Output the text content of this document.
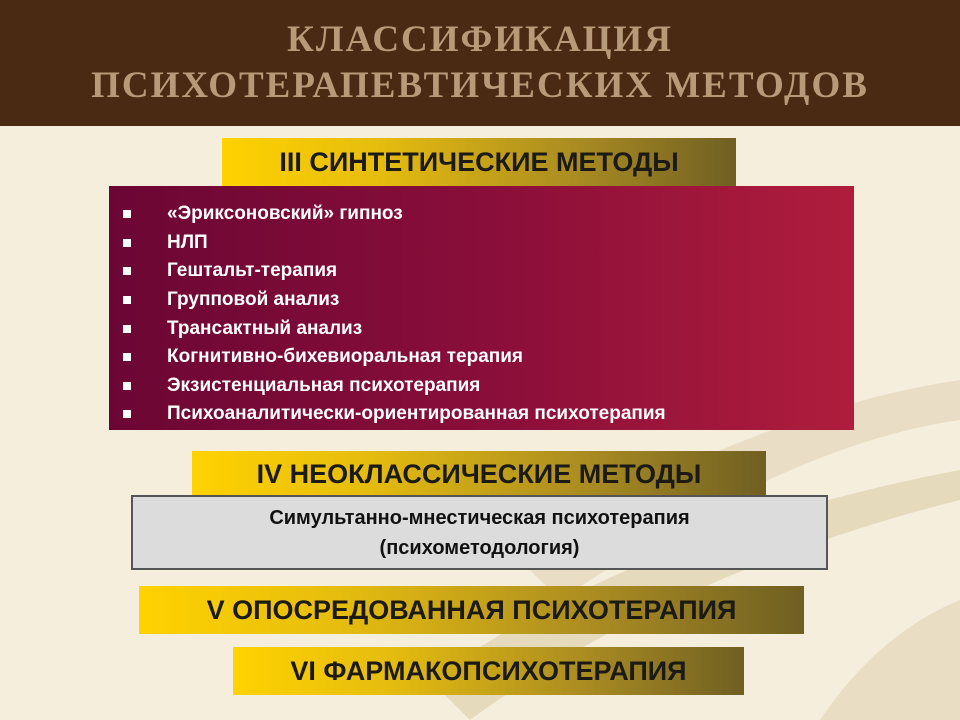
КЛАССИФИКАЦИЯ
ПСИХОТЕРАПЕВТИЧЕСКИХ МЕТОДОВ
III СИНТЕТИЧЕСКИЕ МЕТОДЫ
«Эриксоновский» гипноз
НЛП
Гештальт-терапия
Групповой анализ
Трансактный анализ
Когнитивно-бихевиоральная терапия
Экзистенциальная психотерапия
Психоаналитически-ориентированная психотерапия
IV НЕОКЛАССИЧЕСКИЕ МЕТОДЫ
Симультанно-мнестическая психотерапия
(психометодология)
V ОПОСРЕДОВАННАЯ ПСИХОТЕРАПИЯ
VI ФАРМАКОПСИХОТЕРАПИЯ
